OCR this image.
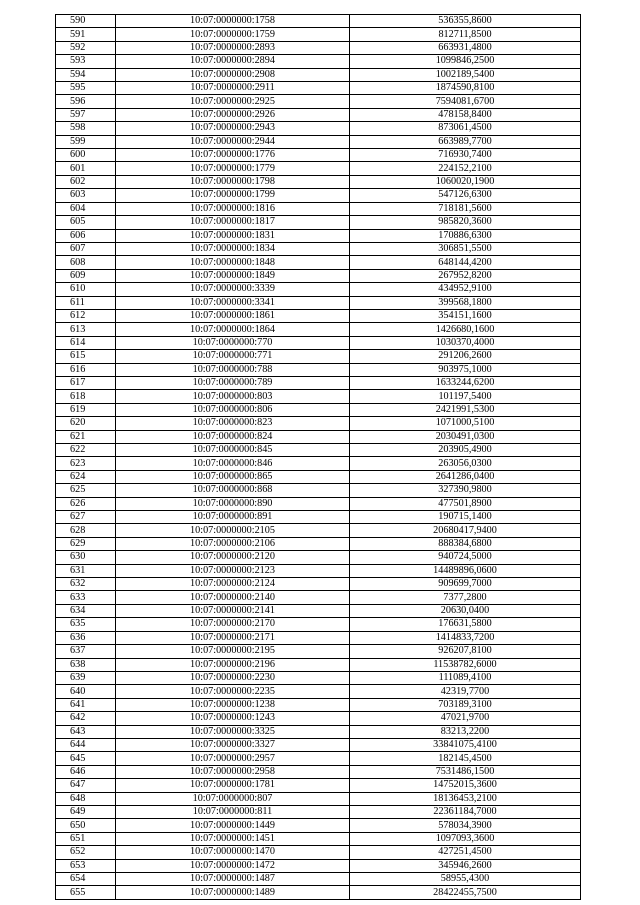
590	10:07:0000000:1758	536355,8600
591	10:07:0000000:1759	812711,8500
592	10:07:0000000:2893	663931,4800
593	10:07:0000000:2894	1099846,2500
594	10:07:0000000:2908	1002189,5400
595	10:07:0000000:2911	1874590,8100
596	10:07:0000000:2925	7594081,6700
597	10:07:0000000:2926	478158,8400
598	10:07:0000000:2943	873061,4500
599	10:07:0000000:2944	663989,7700
600	10:07:0000000:1776	716930,7400
601	10:07:0000000:1779	224152,2100
602	10:07:0000000:1798	1060020,1900
603	10:07:0000000:1799	547126,6300
604	10:07:0000000:1816	718181,5600
605	10:07:0000000:1817	985820,3600
606	10:07:0000000:1831	170886,6300
607	10:07:0000000:1834	306851,5500
608	10:07:0000000:1848	648144,4200
609	10:07:0000000:1849	267952,8200
610	10:07:0000000:3339	434952,9100
611	10:07:0000000:3341	399568,1800
612	10:07:0000000:1861	354151,1600
613	10:07:0000000:1864	1426680,1600
614	10:07:0000000:770	1030370,4000
615	10:07:0000000:771	291206,2600
616	10:07:0000000:788	903975,1000
617	10:07:0000000:789	1633244,6200
618	10:07:0000000:803	101197,5400
619	10:07:0000000:806	2421991,5300
620	10:07:0000000:823	1071000,5100
621	10:07:0000000:824	2030491,0300
622	10:07:0000000:845	203905,4900
623	10:07:0000000:846	263056,0300
624	10:07:0000000:865	2641286,0400
625	10:07:0000000:868	327390,9800
626	10:07:0000000:890	477501,8900
627	10:07:0000000:891	190715,1400
628	10:07:0000000:2105	20680417,9400
629	10:07:0000000:2106	888384,6800
630	10:07:0000000:2120	940724,5000
631	10:07:0000000:2123	14489896,0600
632	10:07:0000000:2124	909699,7000
633	10:07:0000000:2140	7377,2800
634	10:07:0000000:2141	20630,0400
635	10:07:0000000:2170	176631,5800
636	10:07:0000000:2171	1414833,7200
637	10:07:0000000:2195	926207,8100
638	10:07:0000000:2196	11538782,6000
639	10:07:0000000:2230	111089,4100
640	10:07:0000000:2235	42319,7700
641	10:07:0000000:1238	703189,3100
642	10:07:0000000:1243	47021,9700
643	10:07:0000000:3325	83213,2200
644	10:07:0000000:3327	33841075,4100
645	10:07:0000000:2957	182145,4500
646	10:07:0000000:2958	7531486,1500
647	10:07:0000000:1781	14752015,3600
648	10:07:0000000:807	18136453,2100
649	10:07:0000000:811	22361184,7000
650	10:07:0000000:1449	578034,3900
651	10:07:0000000:1451	1097093,3600
652	10:07:0000000:1470	427251,4500
653	10:07:0000000:1472	345946,2600
654	10:07:0000000:1487	58955,4300
655	10:07:0000000:1489	28422455,7500
